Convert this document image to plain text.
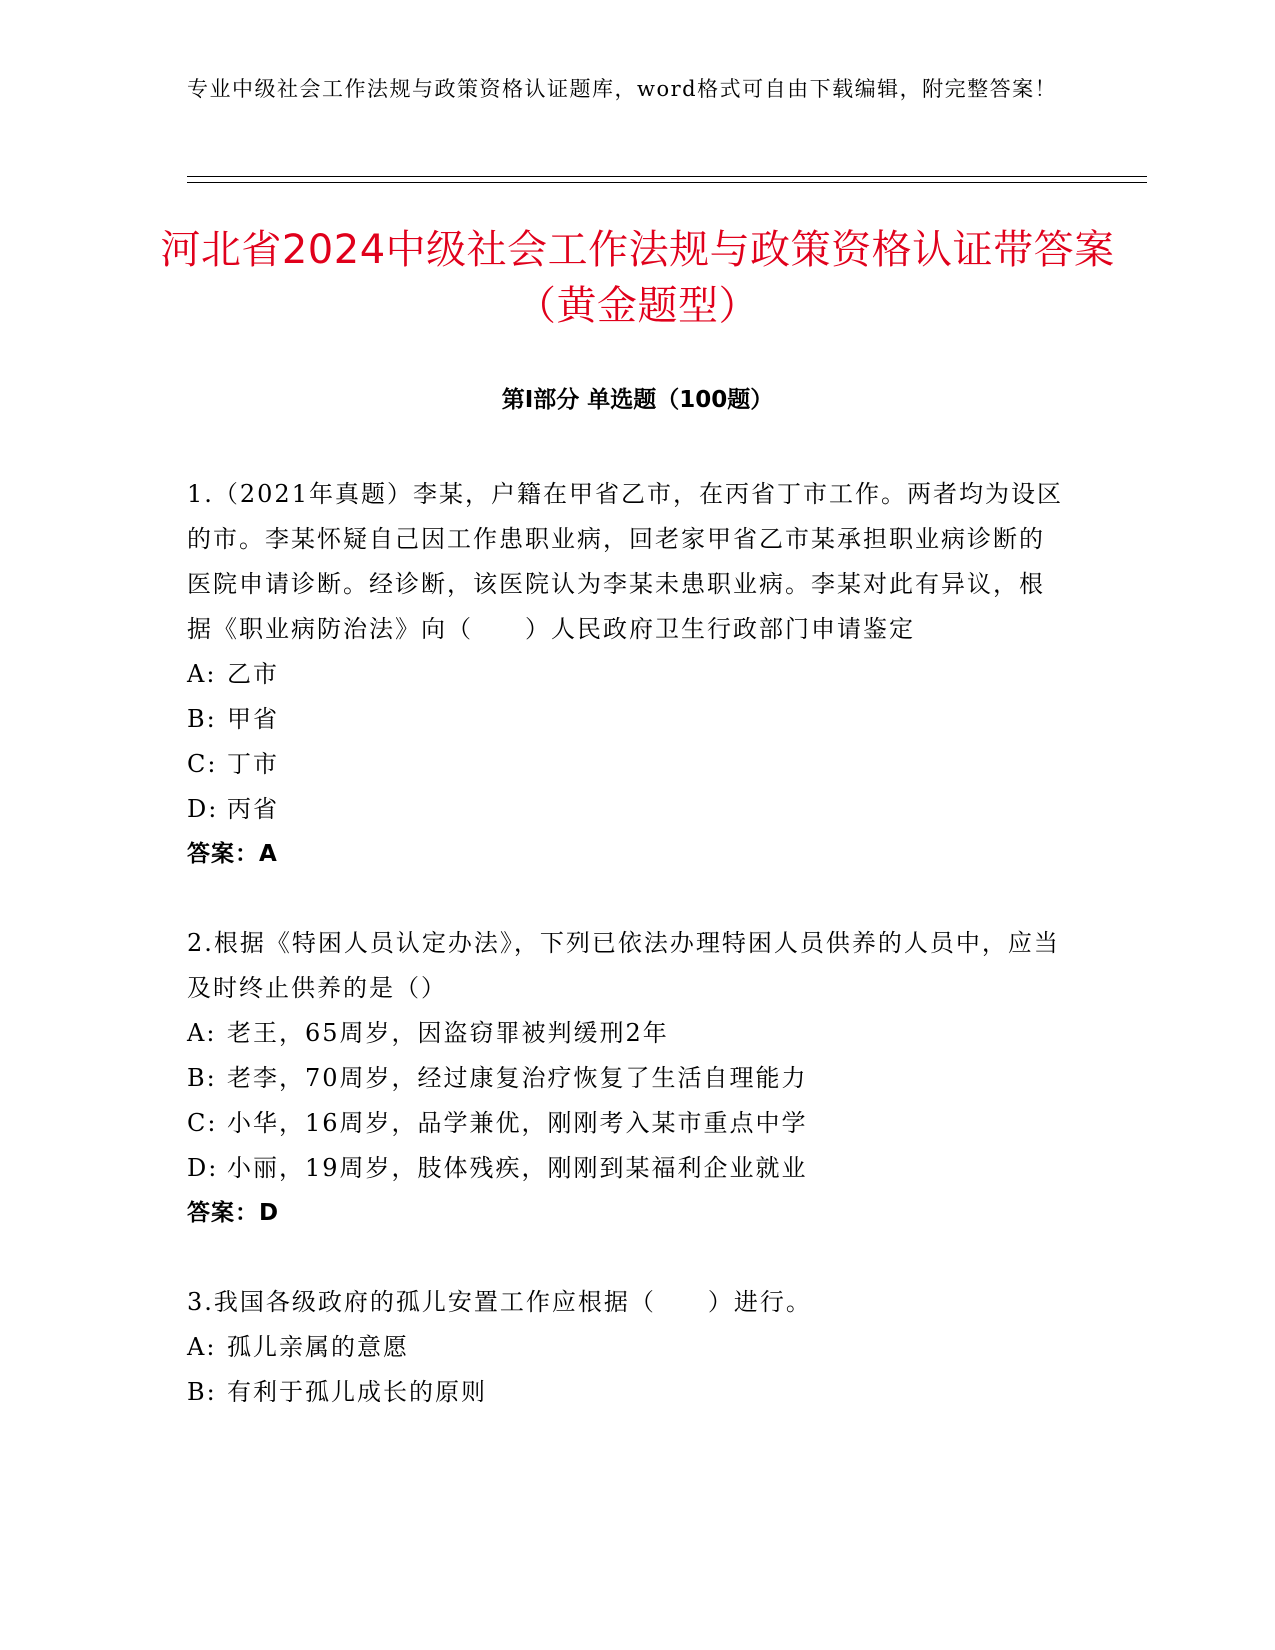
专业中级社会工作法规与政策资格认证题库，word格式可自由下载编辑，附完整答案！
河北省2024中级社会工作法规与政策资格认证带答案（黄金题型）
第Ⅰ部分 单选题（100题）

1.（2021年真题）李某，户籍在甲省乙市，在丙省丁市工作。两者均为设区的市。李某怀疑自己因工作患职业病，回老家甲省乙市某承担职业病诊断的医院申请诊断。经诊断，该医院认为李某未患职业病。李某对此有异议，根据《职业病防治法》向（　　）人民政府卫生行政部门申请鉴定

A: 乙市

B: 甲省

C: 丁市

D: 丙省

答案：A

2.根据《特困人员认定办法》，下列已依法办理特困人员供养的人员中，应当及时终止供养的是（）

A: 老王，65周岁，因盗窃罪被判缓刑2年

B: 老李，70周岁，经过康复治疗恢复了生活自理能力

C: 小华，16周岁，品学兼优，刚刚考入某市重点中学

D: 小丽，19周岁，肢体残疾，刚刚到某福利企业就业

答案：D

3.我国各级政府的孤儿安置工作应根据（　　）进行。

A: 孤儿亲属的意愿

B: 有利于孤儿成长的原则
